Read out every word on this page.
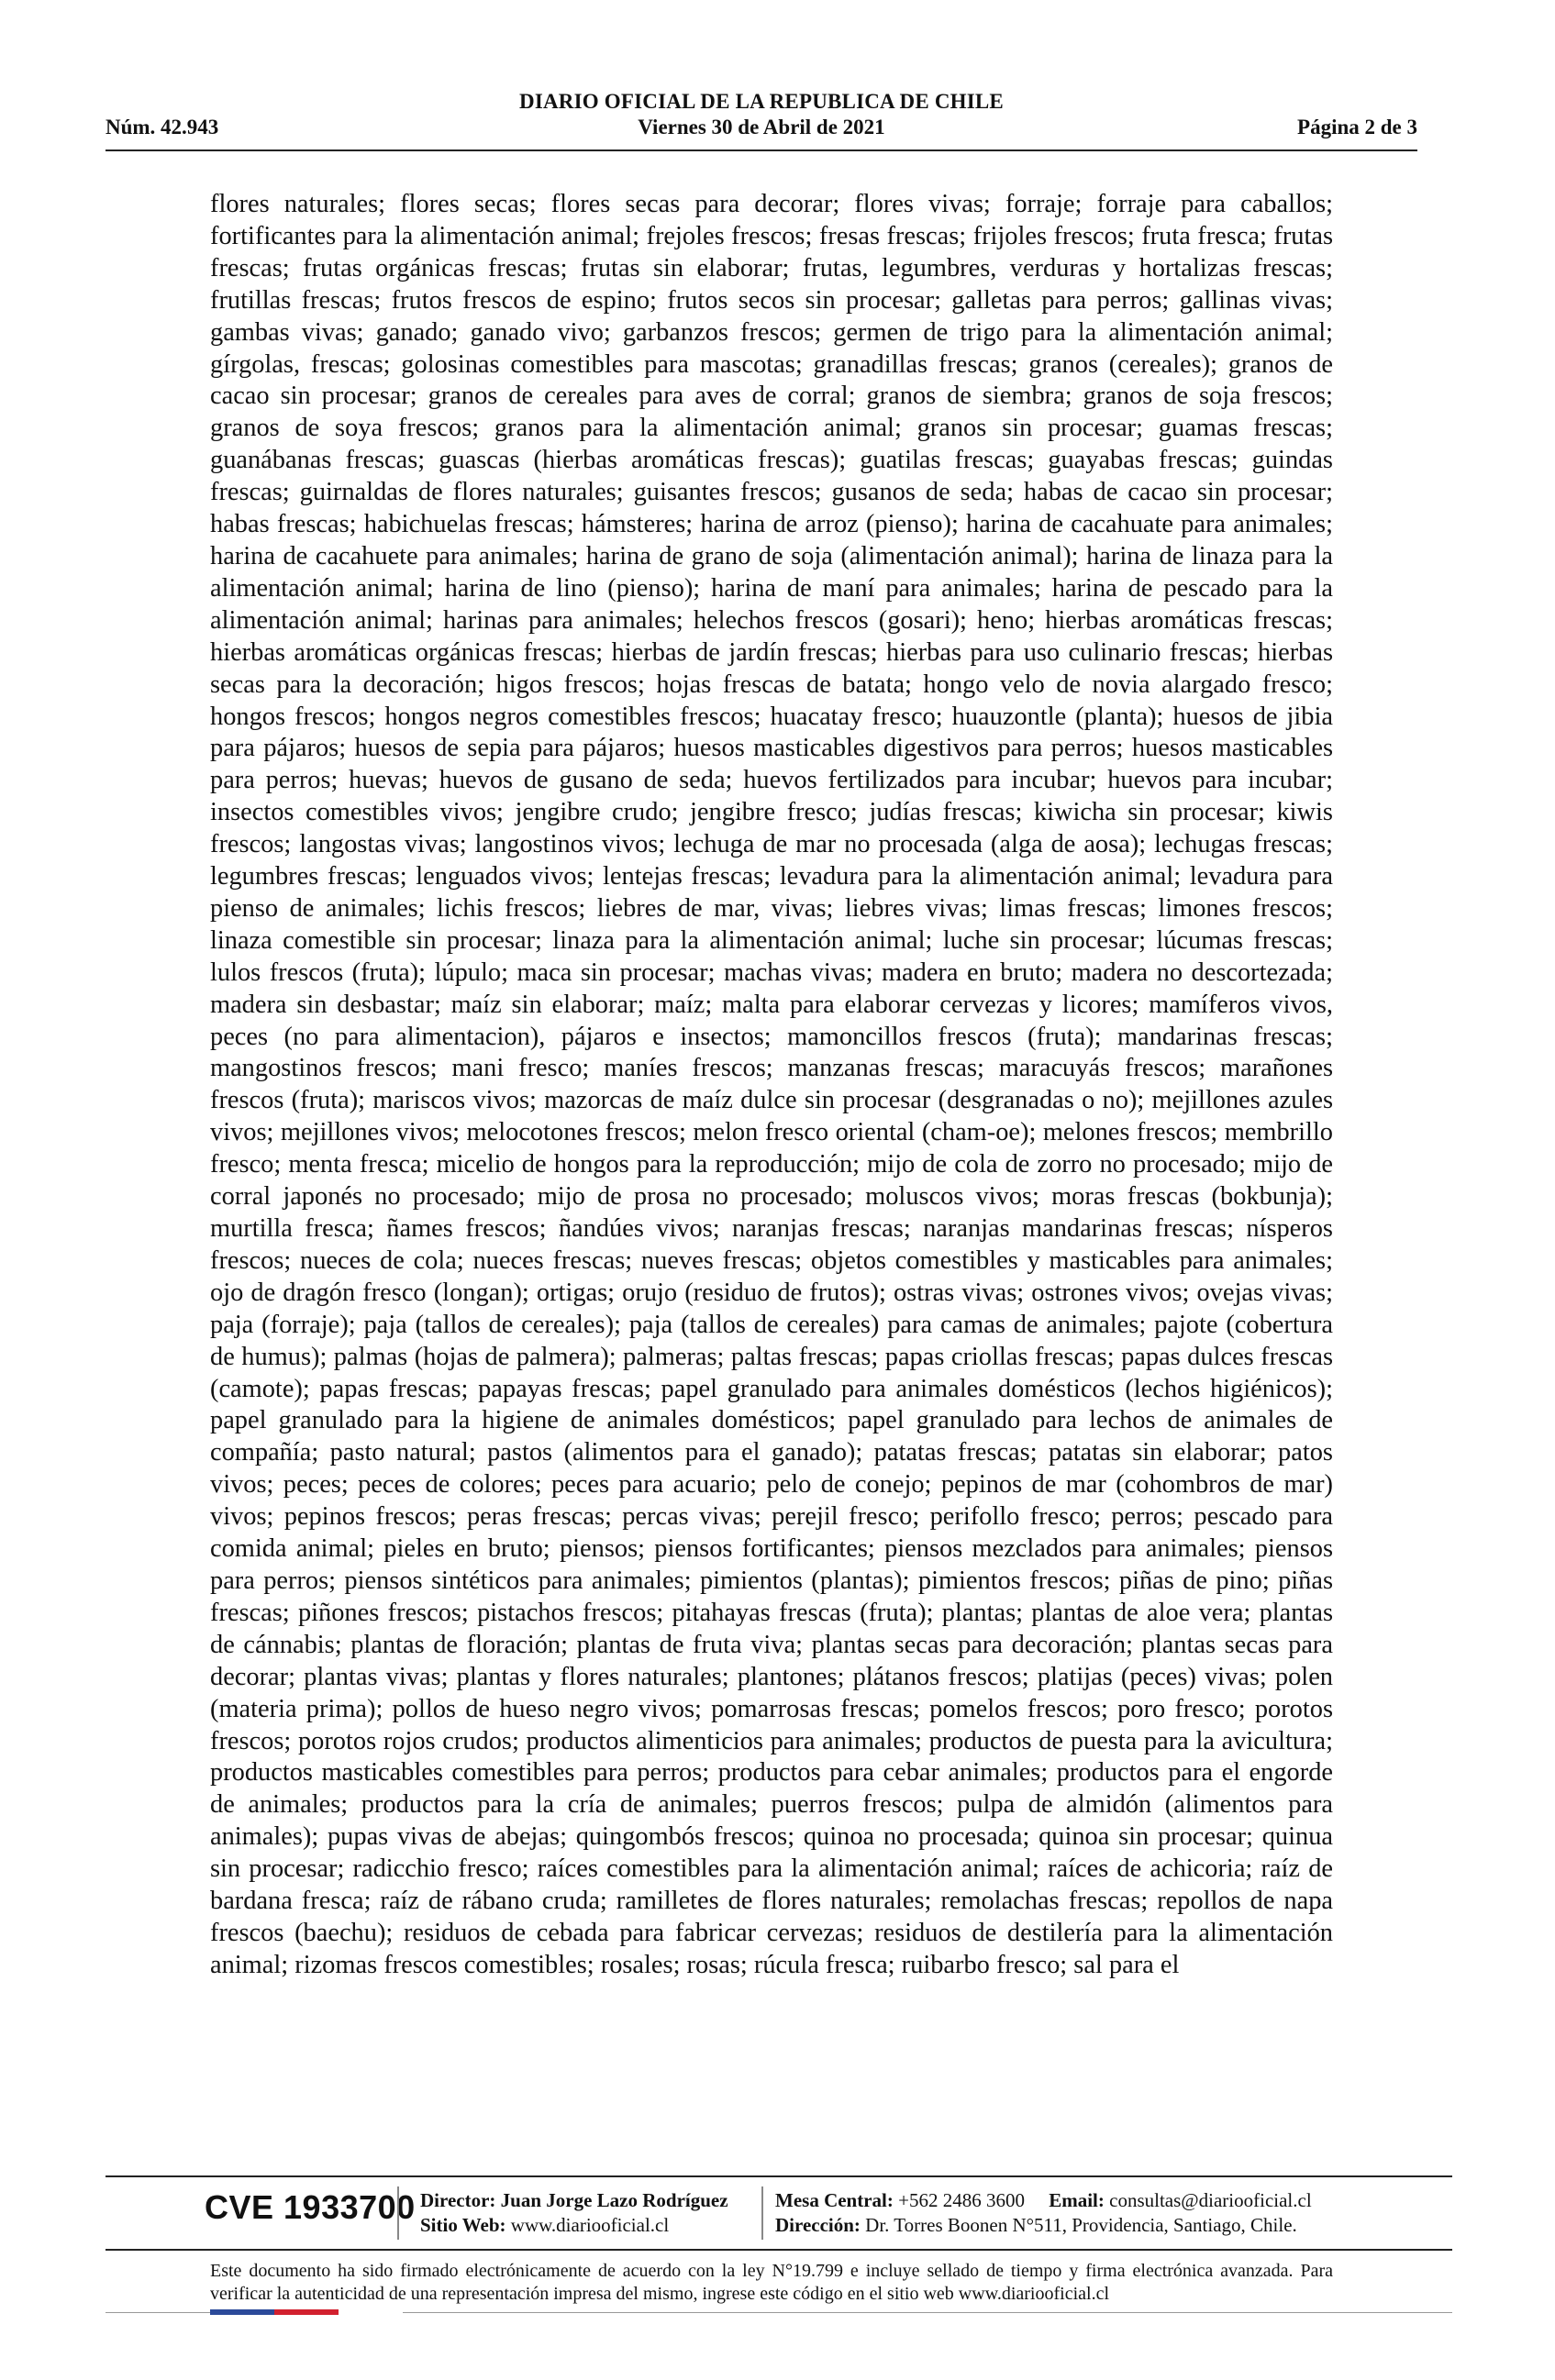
DIARIO OFICIAL DE LA REPUBLICA DE CHILE
Núm. 42.943	Viernes 30 de Abril de 2021	Página 2 de 3
flores naturales; flores secas; flores secas para decorar; flores vivas; forraje; forraje para caballos; fortificantes para la alimentación animal; frejoles frescos; fresas frescas; frijoles frescos; fruta fresca; frutas frescas; frutas orgánicas frescas; frutas sin elaborar; frutas, legumbres, verduras y hortalizas frescas; frutillas frescas; frutos frescos de espino; frutos secos sin procesar; galletas para perros; gallinas vivas; gambas vivas; ganado; ganado vivo; garbanzos frescos; germen de trigo para la alimentación animal; gírgolas, frescas; golosinas comestibles para mascotas; granadillas frescas; granos (cereales); granos de cacao sin procesar; granos de cereales para aves de corral; granos de siembra; granos de soja frescos; granos de soya frescos; granos para la alimentación animal; granos sin procesar; guamas frescas; guanábanas frescas; guascas (hierbas aromáticas frescas); guatilas frescas; guayabas frescas; guindas frescas; guirnaldas de flores naturales; guisantes frescos; gusanos de seda; habas de cacao sin procesar; habas frescas; habichuelas frescas; hámsteres; harina de arroz (pienso); harina de cacahuate para animales; harina de cacahuete para animales; harina de grano de soja (alimentación animal); harina de linaza para la alimentación animal; harina de lino (pienso); harina de maní para animales; harina de pescado para la alimentación animal; harinas para animales; helechos frescos (gosari); heno; hierbas aromáticas frescas; hierbas aromáticas orgánicas frescas; hierbas de jardín frescas; hierbas para uso culinario frescas; hierbas secas para la decoración; higos frescos; hojas frescas de batata; hongo velo de novia alargado fresco; hongos frescos; hongos negros comestibles frescos; huacatay fresco; huauzontle (planta); huesos de jibia para pájaros; huesos de sepia para pájaros; huesos masticables digestivos para perros; huesos masticables para perros; huevas; huevos de gusano de seda; huevos fertilizados para incubar; huevos para incubar; insectos comestibles vivos; jengibre crudo; jengibre fresco; judías frescas; kiwicha sin procesar; kiwis frescos; langostas vivas; langostinos vivos; lechuga de mar no procesada (alga de aosa); lechugas frescas; legumbres frescas; lenguados vivos; lentejas frescas; levadura para la alimentación animal; levadura para pienso de animales; lichis frescos; liebres de mar, vivas; liebres vivas; limas frescas; limones frescos; linaza comestible sin procesar; linaza para la alimentación animal; luche sin procesar; lúcumas frescas; lulos frescos (fruta); lúpulo; maca sin procesar; machas vivas; madera en bruto; madera no descortezada; madera sin desbastar; maíz sin elaborar; maíz; malta para elaborar cervezas y licores; mamíferos vivos, peces (no para alimentacion), pájaros e insectos; mamoncillos frescos (fruta); mandarinas frescas; mangostinos frescos; mani fresco; maníes frescos; manzanas frescas; maracuyás frescos; marañones frescos (fruta); mariscos vivos; mazorcas de maíz dulce sin procesar (desgranadas o no); mejillones azules vivos; mejillones vivos; melocotones frescos; melon fresco oriental (cham-oe); melones frescos; membrillo fresco; menta fresca; micelio de hongos para la reproducción; mijo de cola de zorro no procesado; mijo de corral japonés no procesado; mijo de prosa no procesado; moluscos vivos; moras frescas (bokbunja); murtilla fresca; ñames frescos; ñandúes vivos; naranjas frescas; naranjas mandarinas frescas; nísperos frescos; nueces de cola; nueces frescas; nueves frescas; objetos comestibles y masticables para animales; ojo de dragón fresco (longan); ortigas; orujo (residuo de frutos); ostras vivas; ostrones vivos; ovejas vivas; paja (forraje); paja (tallos de cereales); paja (tallos de cereales) para camas de animales; pajote (cobertura de humus); palmas (hojas de palmera); palmeras; paltas frescas; papas criollas frescas; papas dulces frescas (camote); papas frescas; papayas frescas; papel granulado para animales domésticos (lechos higiénicos); papel granulado para la higiene de animales domésticos; papel granulado para lechos de animales de compañía; pasto natural; pastos (alimentos para el ganado); patatas frescas; patatas sin elaborar; patos vivos; peces; peces de colores; peces para acuario; pelo de conejo; pepinos de mar (cohombros de mar) vivos; pepinos frescos; peras frescas; percas vivas; perejil fresco; perifollo fresco; perros; pescado para comida animal; pieles en bruto; piensos; piensos fortificantes; piensos mezclados para animales; piensos para perros; piensos sintéticos para animales; pimientos (plantas); pimientos frescos; piñas de pino; piñas frescas; piñones frescos; pistachos frescos; pitahayas frescas (fruta); plantas; plantas de aloe vera; plantas de cánnabis; plantas de floración; plantas de fruta viva; plantas secas para decoración; plantas secas para decorar; plantas vivas; plantas y flores naturales; plantones; plátanos frescos; platijas (peces) vivas; polen (materia prima); pollos de hueso negro vivos; pomarrosas frescas; pomelos frescos; poro fresco; porotos frescos; porotos rojos crudos; productos alimenticios para animales; productos de puesta para la avicultura; productos masticables comestibles para perros; productos para cebar animales; productos para el engorde de animales; productos para la cría de animales; puerros frescos; pulpa de almidón (alimentos para animales); pupas vivas de abejas; quingombós frescos; quinoa no procesada; quinoa sin procesar; quinua sin procesar; radicchio fresco; raíces comestibles para la alimentación animal; raíces de achicoria; raíz de bardana fresca; raíz de rábano cruda; ramilletes de flores naturales; remolachas frescas; repollos de napa frescos (baechu); residuos de cebada para fabricar cervezas; residuos de destilería para la alimentación animal; rizomas frescos comestibles; rosales; rosas; rúcula fresca; ruibarbo fresco; sal para el
CVE 1933700 Director: Juan Jorge Lazo Rodríguez
Sitio Web: www.diariooficial.cl
Mesa Central: +562 2486 3600 Email: consultas@diariooficial.cl
Dirección: Dr. Torres Boonen N°511, Providencia, Santiago, Chile.
Este documento ha sido firmado electrónicamente de acuerdo con la ley N°19.799 e incluye sellado de tiempo y firma electrónica avanzada. Para verificar la autenticidad de una representación impresa del mismo, ingrese este código en el sitio web www.diariooficial.cl
